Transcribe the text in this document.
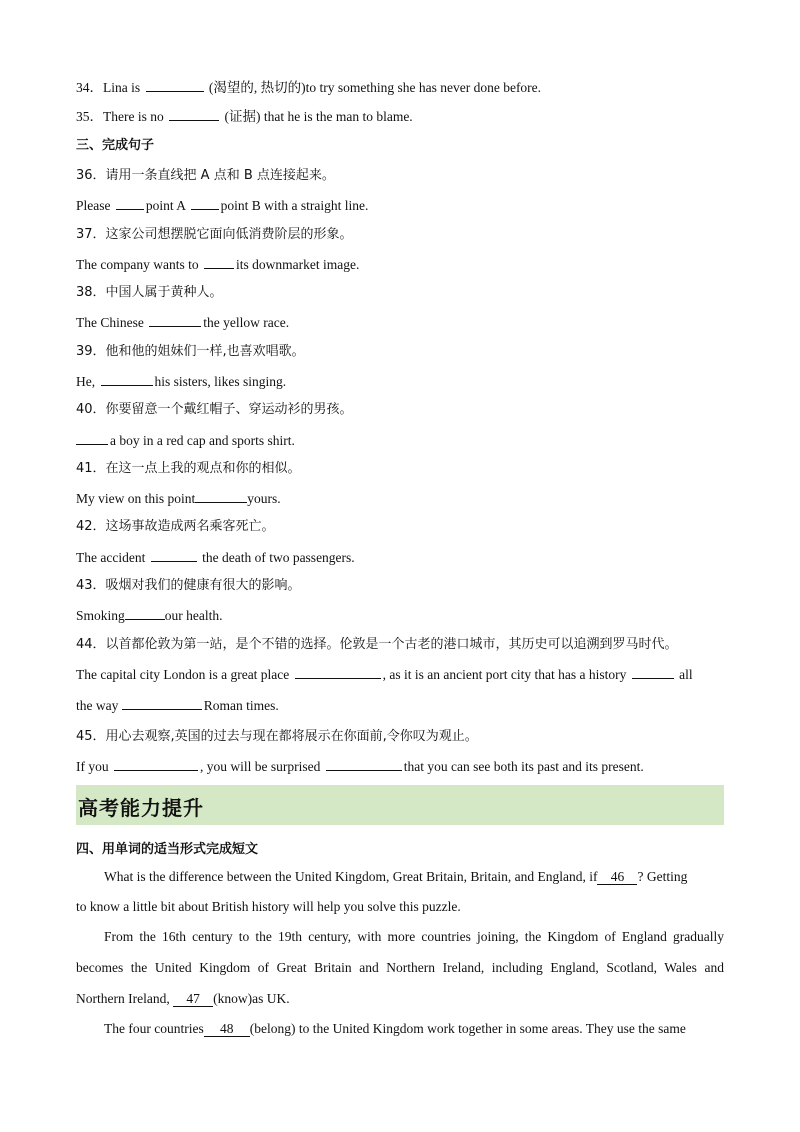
34．Lina is	(渴望的, 热切的)to try something she has never done before.
35．There is no	(证据) that he is the man to blame.
三、完成句子
36．请用一条直线把 A 点和 B 点连接起来。
Please point A point B with a straight line.
37．这家公司想摆脱它面向低消费阶层的形象。
The company wants to	its downmarket image.
38．中国人属于黄种人。
The Chinese	the yellow race.
39．他和他的姐妹们一样,也喜欢唱歌。
He,	his sisters, likes singing.
40．你要留意一个戴红帽子、穿运动衫的男孩。
a boy in a red cap and sports shirt.
41．在这一点上我的观点和你的相似。
My view on this point	yours.
42．这场事故造成两名乘客死亡。
The accident	the death of two passengers.
43．吸烟对我们的健康有很大的影响。
Smoking	our health.
44．以首都伦敦为第一站，是个不错的选择。伦敦是一个古老的港口城市，其历史可以追溯到罗马时代。
The capital city London is a great place	, as it is an ancient port city that has a history	all
the way	Roman times.
45．用心去观察,英国的过去与现在都将展示在你面前,令你叹为观止。
If you	, you will be surprised	that you can see both its past and its present.
高考能力提升
四、用单词的适当形式完成短文
What is the difference between the United Kingdom, Great Britain, Britain, and England, if 46 ? Getting
to know a little bit about British history will help you solve this puzzle.
From the 16th century to the 19th century, with more countries joining, the Kingdom of England gradually
becomes the United Kingdom of Great Britain and Northern Ireland, including England, Scotland, Wales and
Northern Ireland, 47 (know)as UK.
The four countries 48 (belong) to the United Kingdom work together in some areas. They use the same
